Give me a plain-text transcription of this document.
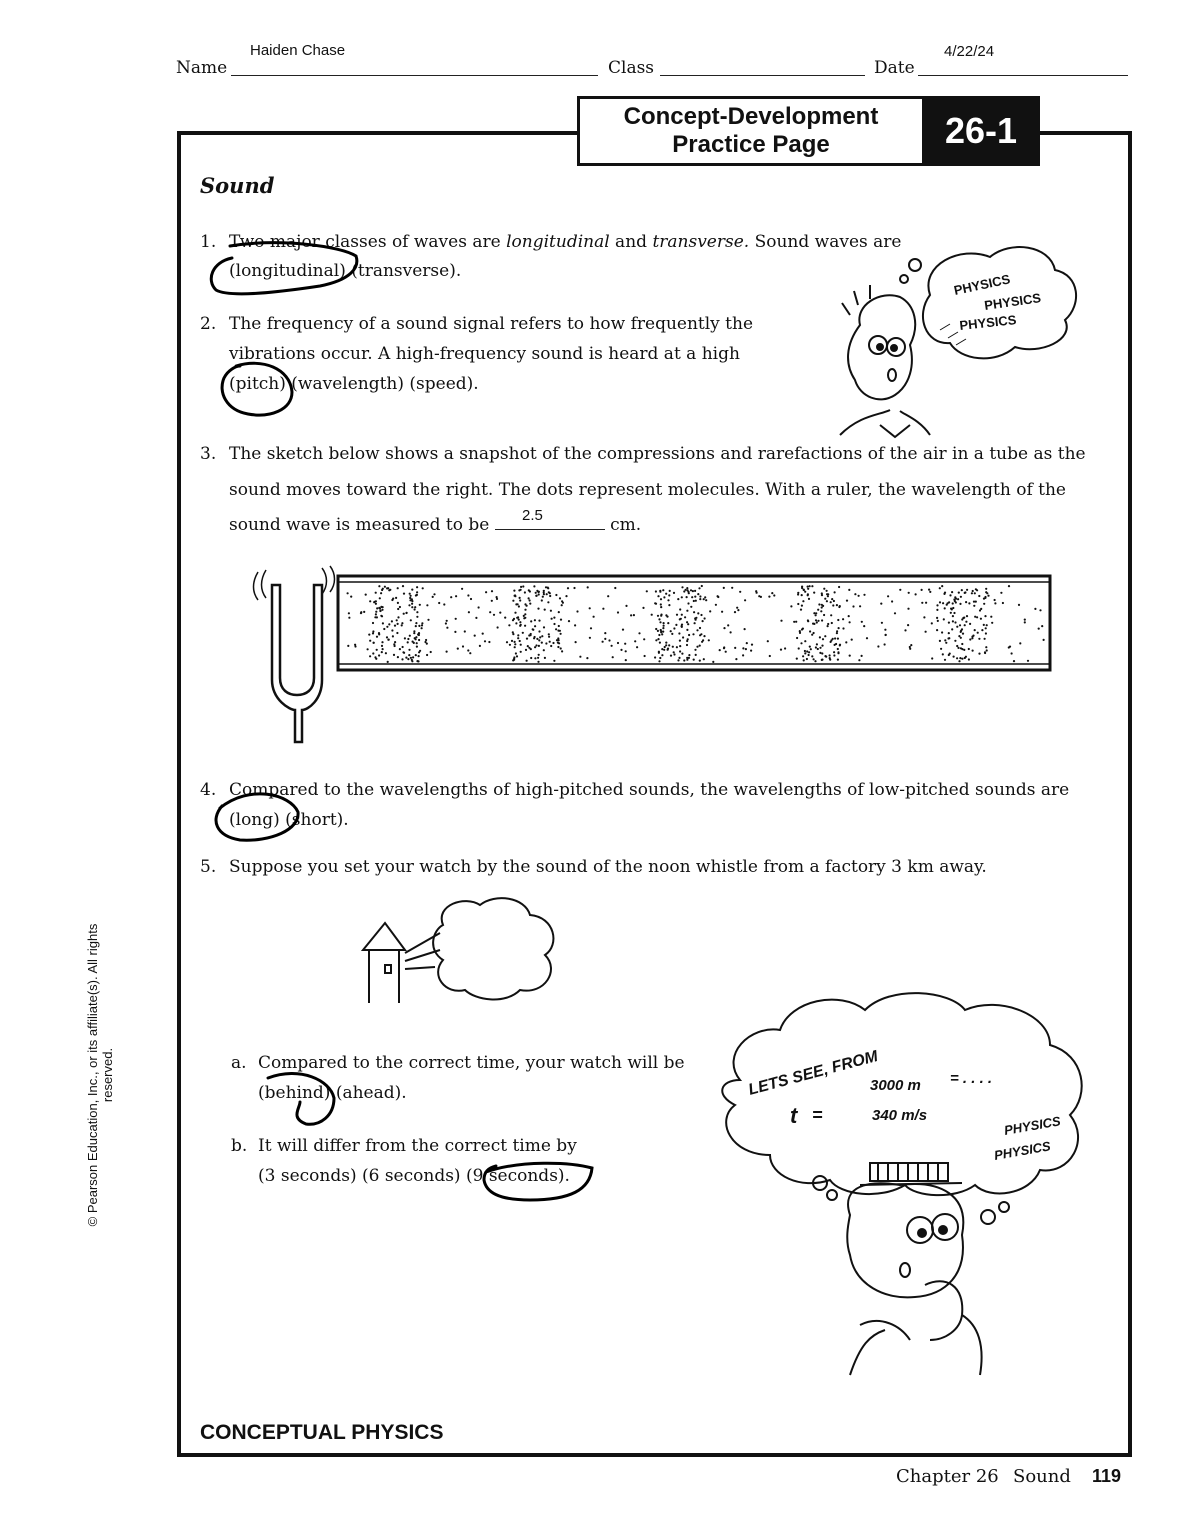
Name
Haiden Chase
Class	Date
4/22/24
Concept-Development
Practice Page	26-1
Sound
1. Two major classes of waves are longitudinal and transverse. Sound waves are
(longitudinal) (transverse).
2. The frequency of a sound signal refers to how frequently the
vibrations occur. A high-frequency sound is heard at a high
(pitch) (wavelength) (speed).
3. The sketch below shows a snapshot of the compressions and rarefactions of the air in a tube as the
sound moves toward the right. The dots represent molecules. With a ruler, the wavelength of the
sound wave is measured to be	cm.
2.5
4. Compared to the wavelengths of high-pitched sounds, the wavelengths of low-pitched sounds are
(long) (short).
5. Suppose you set your watch by the sound of the noon whistle from a factory 3 km away.
a. Compared to the correct time, your watch will be
(behind) (ahead).
b. It will differ from the correct time by
(3 seconds) (6 seconds) (9 seconds).
PHYSICS
PHYSICS
PHYSICS
LETS SEE, FROM
t =
3000 m
340 m/s
= . . . .
PHYSICS
PHYSICS
CONCEPTUAL PHYSICS
Chapter 26 Sound 119
© Pearson Education, Inc., or its affiliate(s). All rights reserved.
